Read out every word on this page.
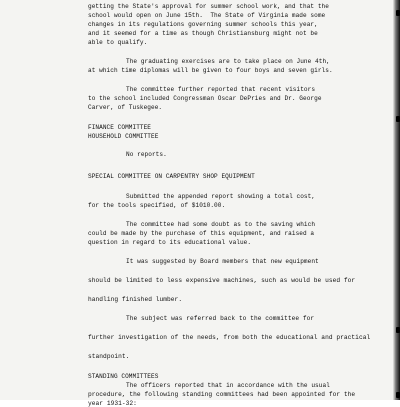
getting the State's approval for summer school work, and that the
school would open on June 15th.  The State of Virginia made some
changes in its regulations governing summer schools this year,
and it seemed for a time as though Christiansburg might not be
able to qualify.
The graduating exercises are to take place on June 4th,
at which time diplomas will be given to four boys and seven girls.
The committee further reported that recent visitors
to the school included Congressman Oscar DePries and Dr. George
Carver, of Tuskegee.
FINANCE COMMITTEE
HOUSEHOLD COMMITTEE
No reports.
SPECIAL COMMITTEE ON CARPENTRY SHOP EQUIPMENT
Submitted the appended report showing a total cost,
for the tools specified, of $1010.00.
The committee had some doubt as to the saving which
could be made by the purchase of this equipment, and raised a
question in regard to its educational value.
It was suggested by Board members that new equipment
should be limited to less expensive machines, such as would be used for
handling finished lumber.
The subject was referred back to the committee for
further investigation of the needs, from both the educational and practical
standpoint.
STANDING COMMITTEES
The officers reported that in accordance with the usual
procedure, the following standing committees had been appointed for the
year 1931-32:
